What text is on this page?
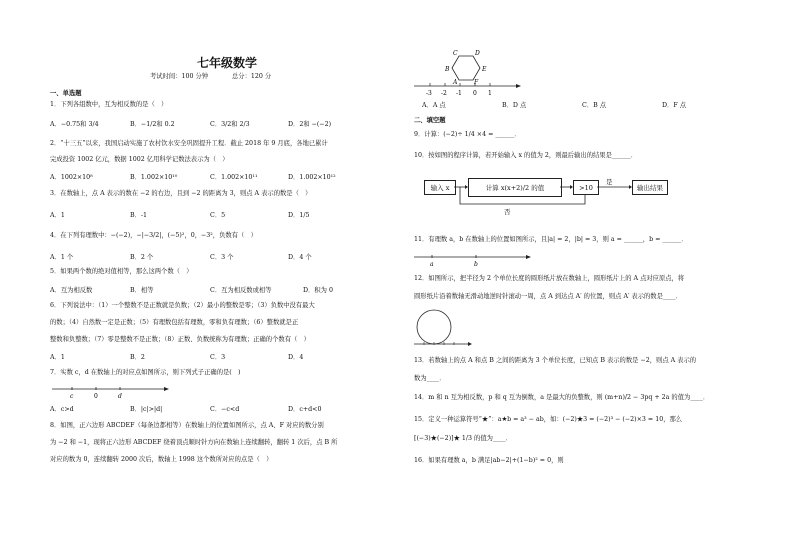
七年级数学
考试时间：100 分钟	总分：120 分
一、单选题
1．下列各组数中，互为相反数的是（　）
A．−0.75和 3/4	B．−1/2和 0.2	C．3/2和 2/3	D．2和 −(−2)
2．“十三五”以来，我国启动实施了农村饮水安全巩固提升工程．截止 2018 年 9 月底，各地已累计
完成投资 1002 亿元，数据 1002 亿用科学记数法表示为（　）
A．1002×10⁸	B．1.002×10¹⁰	C．1.002×10¹¹	D．1.002×10¹²
3．在数轴上，点 A 表示的数在 −2 的右边，且到 −2 的距离为 3，则点 A 表示的数是（　）
A．1	B．-1	C．5	D．1/5
4．在下列有理数中：−(−2)，−|−3/2|，(−5)²，0，−3²，负数有（　）
A．1 个	B．2 个	C．3 个	D．4 个
5．如果两个数的绝对值相等，那么这两个数（　）
A．互为相反数	B．相等	C．互为相反数或相等	D．积为 0
6．下列说法中：（1）一个整数不是正数就是负数；（2）最小的整数是零；（3）负数中没有最大
的数；（4）自然数一定是正数；（5）有理数包括有理数，零和负有理数；（6）整数就是正
整数和负整数；（7）零是整数不是正数；（8）正数、负数统称为有理数；正确的个数有（　）
A．1	B．2	C．3	D．4
7．实数 c，d 在数轴上的对应点如图所示，则下列式子正确的是(　)
c	0	d
A．c>d	B．|c|>|d|	C．−c<d	D．c+d<0
8．如图，正六边形 ABCDEF（每条边都相等）在数轴上的位置如图所示，点 A、F 对应的数分别
为 −2 和 −1，现将正六边形 ABCDEF 绕着顶点顺时针方向在数轴上连续翻转，翻转 1 次后，点 B 所
对应的数为 0，连续翻转 2000 次后，数轴上 1998 这个数所对应的点是（　）
C	D
B	E
A	F
-3 -2 -1 0 1
A．A 点	B．D 点	C．B 点	D．F 点
二、填空题
9．计算：(−2)÷ 1/4 ×4 = ______．
10．按如图的程序计算，若开始输入 x 的值为 2，则最后输出的结果是______．
输入 x	计算 x(x+2)/2 的值	>10	输出结果
是
否
11．有理数 a，b 在数轴上的位置如图所示，且|a| = 2，|b| = 3，则 a = ______，b = ______．
a	b
12．如图所示，把半径为 2 个单位长度的圆形纸片放在数轴上，圆形纸片上的 A 点对应原点，将
圆形纸片沿着数轴无滑动地逆时针滚动一周，点 A 到达点 A′ 的位置，则点 A′ 表示的数是____．
13．若数轴上的点 A 和点 B 之间的距离为 3 个单位长度，已知点 B 表示的数是 −2，则点 A 表示的
数为____．
14．m 和 n 互为相反数，p 和 q 互为倒数，a 是最大的负整数，则 (m+n)/2 − 3pq + 2a 的值为____．
15．定义一种运算符号“★”：a★b = a³ − ab，如：(−2)★3 = (−2)³ − (−2)×3 = 10，那么
[(−3)★(−2)]★ 1/3 的值为____．
16．如果有理数 a，b 满足|ab−2|+(1−b)² = 0，则
